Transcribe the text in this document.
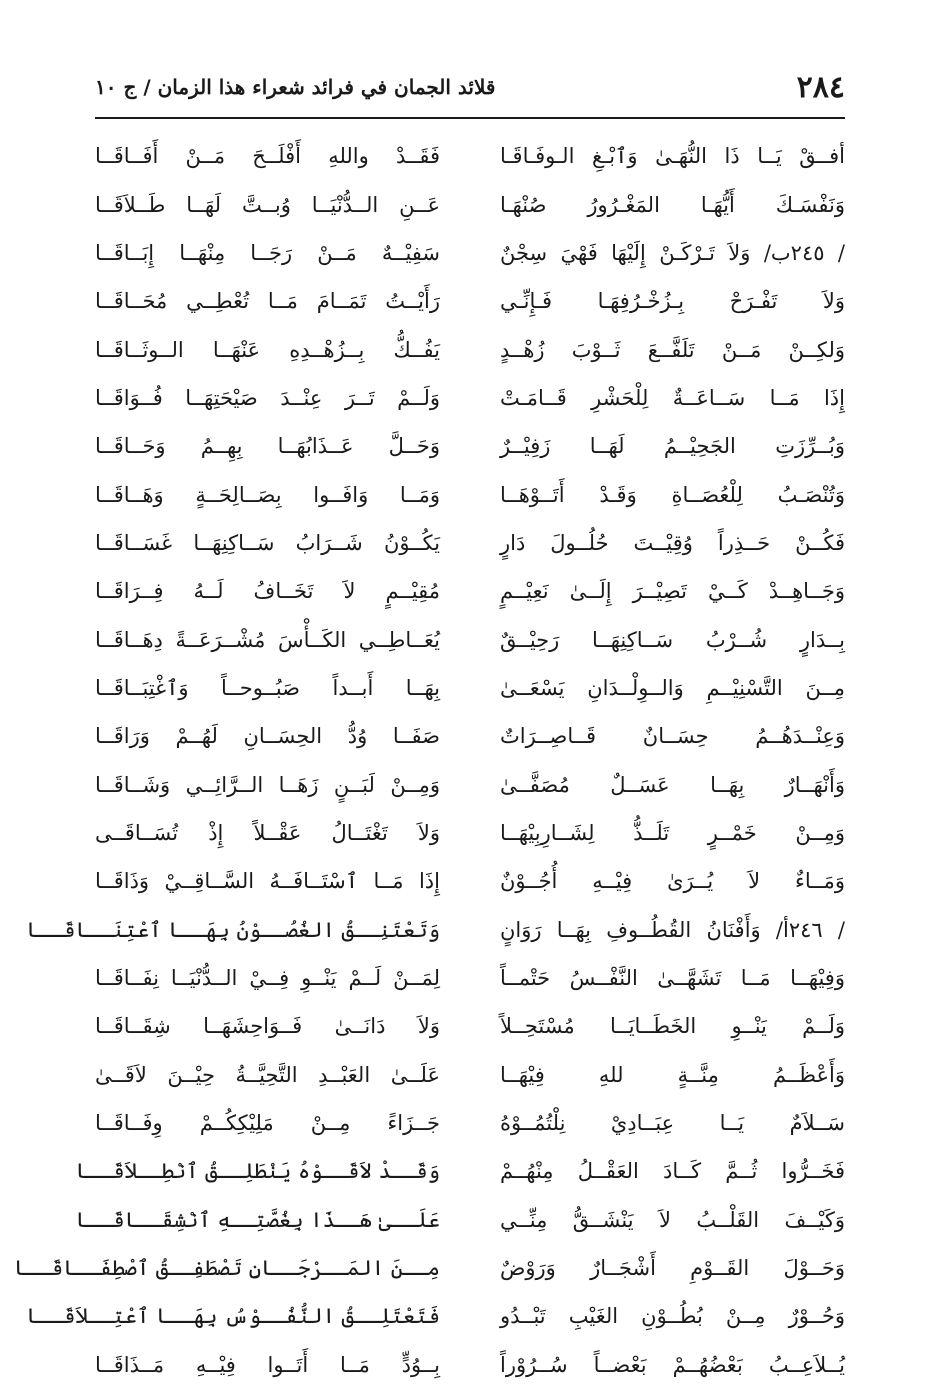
٢٨٤
قلائد الجمان في فرائد شعراء هذا الزمان / ج ١٠
أفــقْ يَــا ذَا النُّهَـىٰ وَٱبْـغِ الـوفَـاقَـا
فَقَــدْ واللهِ أَفْلَــحَ مَــنْ أَفَــاقَــا
وَنَفْسَـكَ أَيُّهَـا المَغْـرُورُ صُنْهَـا
عَــنِ الــدُّنْيَــا وُبــتَّ لَهَــا طَــلاَقَــا
/ ٢٤٥ب/ وَلاَ تَـرْكَـنْ إِلَيْهَا فَهْيَ سِجْنٌ
سَفِيْــهٌ مَــنْ رَجَــا مِنْهَــا إِبَــاقَــا
وَلاَ تَفْـرَحْ بِـزُخْـرُفِهَـا فَـإِنِّـي
رَأَيْــتُ تَمَــامَ مَــا تُعْطِــي مُحَــاقَــا
وَلكِــنْ مَــنْ تَلَفَّــعَ ثَــوْبَ زُهْــدٍ
يَفُــكُّ بِــزُهْــدِهِ عَنْهَــا الــوثَــاقَــا
إِذَا مَــا سَــاعَــةٌ لِلْحَشْرِ قَــامَـتْ
وَلَــمْ تَــرَ عِنْــدَ صَيْحَتِهَــا فُــوَاقَــا
وَبُــرِّزَتِ الجَحِيْــمُ لَهَــا زَفِيْــرٌ
وَحَــلَّ عَــذَابُهَــا بِهِــمُ وَحَــاقَــا
وَتُنْصَـبُ لِلْعُصَــاةِ وَقَـدْ أَتَــوْهَــا
وَمَــا وَافَــوا بِصَــالِحَــةٍ وَهَــاقَــا
فَكُــنْ حَــذِراً وُقِيْــتَ حُلُــولَ دَارٍ
يَكُــوْنُ شَــرَابُ سَــاكِنِهَــا غَسَــاقَــا
وَجَــاهِــدْ كَــيْ تَصِيْــرَ إِلَــىٰ نَعِيْــمٍ
مُقِيْــمٍ لاَ تَخَــافُ لَــهُ فِــرَاقَــا
بِــدَارٍ شُــرْبُ سَــاكِنِهَــا رَحِيْــقٌ
يُعَــاطِــي الكَــأْسَ مُشْــرَعَــةً دِهَــاقَــا
مِــنَ التَّسْنِيْــمِ وَالــوِلْــدَانِ يَسْعَــىٰ
بِهَــا أَبــداً صَبُــوحــاً وَٱغْتِبَــاقَــا
وَعِنْــدَهُــمُ حِسَــانٌ قَــاصِــرَاتٌ
صَفَــا وُدُّ الحِسَــانِ لَهُــمْ وَرَاقَــا
وَأَنْهَــارٌ بِهَــا عَسَــلٌ مُصَفَّــىٰ
وَمِــنْ لَبَــنٍ زَهَــا الــرَّائِــي وَشَــاقَــا
وَمِــنْ خَمْــرٍ تَلَــذُّ لِشَــارِبِيْهَــا
وَلاَ تَغْتَــالُ عَقْــلاً إِذْ تُسَــاقَــى
وَمَــاءٌ لاَ يُــرَىٰ فِيْــهِ أُجُــوْنٌ
إِذَا مَــا ٱسْتَــافَــهُ السَّــاقِــيْ وَذَاقَــا
/ ٢٤٦أ/ وَأَفْنَانُ القُطُــوفِ بِهَــا رَوَانٍ
وَتَعْتَنِــقُ الغُصُــوْنُ بِهَــا ٱعْتِنَــاقَــا
وَفِيْهَــا مَــا تَشَهَّــىٰ النَّفْــسُ حَتْمــاً
لِمَــنْ لَــمْ يَنْــوِ فِــيْ الــدُّنْيَــا نِفَــاقَــا
وَلَــمْ يَنْــوِ الخَطَــايَــا مُسْتَحِــلاً
وَلاَ دَانَــىٰ فَــوَاحِشَهَــا شِقَــاقَــا
وَأَعْظَــمُ مِنَّــةٍ للهِ فِيْهَــا
عَلَــىٰ العَبْــدِ التَّحِيَّــةُ حِيْــنَ لاَقَــىٰ
سَــلاَمٌ يَــا عِبَــادِيْ نِلْتُمُــوْهُ
جَــزَاءً مِــنْ مَلِيْكِكُــمْ وِفَــاقَــا
فَخَــرُّوا ثُــمَّ كَــادَ العَقْــلُ مِنْهُــمْ
وَقَــدْ لاَقَــوْهُ يَنْطَلِــقُ ٱنْطِــلاَقَــا
وَكَيْــفَ القَلْــبُ لاَ يَنْشَــقُّ مِنِّــي
عَلَــىٰ هَــذَا بِغُصَّتِــهِ ٱنْشِقَــاقَــا
وَحَــوْلَ القَــوْمِ أَشْجَــارٌ وَرَوْضٌ
مِــنَ المَــرْجَــانِ تَصْطَفِــقُ ٱصْطِفَــاقَــا
وَحُــوْرٌ مِــنْ بُطُــوْنِ الغَيْبِ تَبْــدُو
فَتَعْتَلِــقُ النُّفُــوْسُ بِهَــا ٱعْتِــلاَقَــا
يُــلاَعِــبُ بَعْضُهُــمْ بَعْضــاً سُــرُوْراً
بِــوُدٍّ مَــا أَتَــوا فِيْــهِ مَــذَاقَــا
